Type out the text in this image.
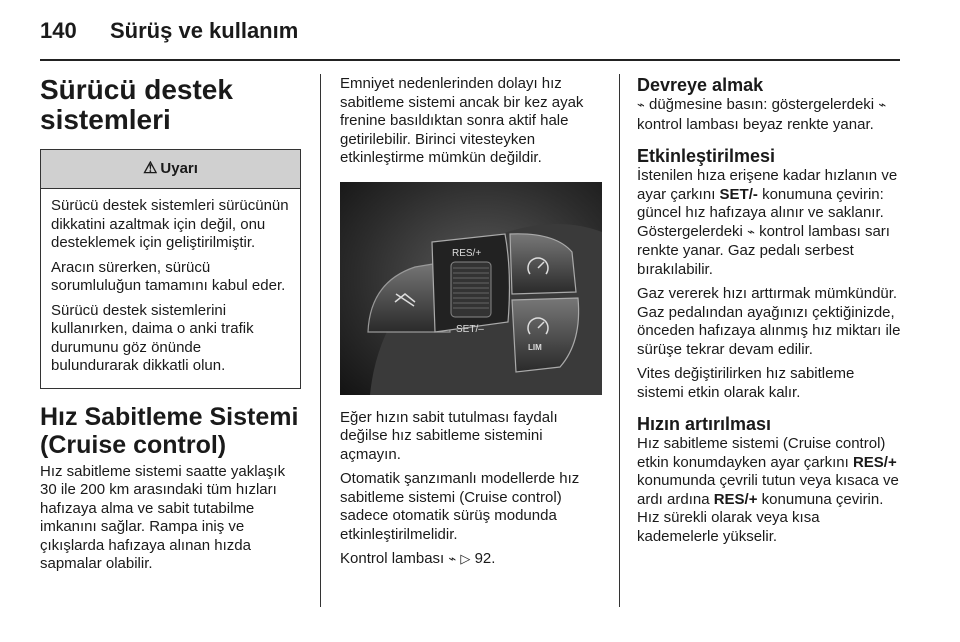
140 Sürüş ve kullanım
Sürücü destek sistemleri
⚠ Uyarı

Sürücü destek sistemleri sürücünün dikkatini azaltmak için değil, onu desteklemek için geliştirilmiştir.

Aracın sürerken, sürücü sorumluluğun tamamını kabul eder.

Sürücü destek sistemlerini kullanırken, daima o anki trafik durumunu göz önünde bulundurarak dikkatli olun.

Hız Sabitleme Sistemi (Cruise control)

Hız sabitleme sistemi saatte yaklaşık 30 ile 200 km arasındaki tüm hızları hafızaya alma ve sabit tutabilme imkanını sağlar. Rampa iniş ve çıkışlarda hafızaya alınan hızda sapmalar olabilir.

Emniyet nedenlerinden dolayı hız sabitleme sistemi ancak bir kez ayak frenine basıldıktan sonra aktif hale getirilebilir. Birinci vitesteyken etkinleştirme mümkün değildir.

RES/+
SET/–
LIM

Eğer hızın sabit tutulması faydalı değilse hız sabitleme sistemini açmayın.

Otomatik şanzımanlı modellerde hız sabitleme sistemi (Cruise control) sadece otomatik sürüş modunda etkinleştirilmelidir.

Kontrol lambası ⌁ ▷ 92.

Devreye almak

⌁ düğmesine basın: göstergelerdeki ⌁ kontrol lambası beyaz renkte yanar.

Etkinleştirilmesi

İstenilen hıza erişene kadar hızlanın ve ayar çarkını SET/- konumuna çevirin: güncel hız hafızaya alınır ve saklanır. Göstergelerdeki ⌁ kontrol lambası sarı renkte yanar. Gaz pedalı serbest bırakılabilir.

Gaz vererek hızı arttırmak mümkündür. Gaz pedalından ayağınızı çektiğinizde, önceden hafızaya alınmış hız miktarı ile sürüşe tekrar devam edilir.

Vites değiştirilirken hız sabitleme sistemi etkin olarak kalır.

Hızın artırılması

Hız sabitleme sistemi (Cruise control) etkin konumdayken ayar çarkını RES/+ konumunda çevrili tutun veya kısaca ve ardı ardına RES/+ konumuna çevirin. Hız sürekli olarak veya kısa kademelerle yükselir.
